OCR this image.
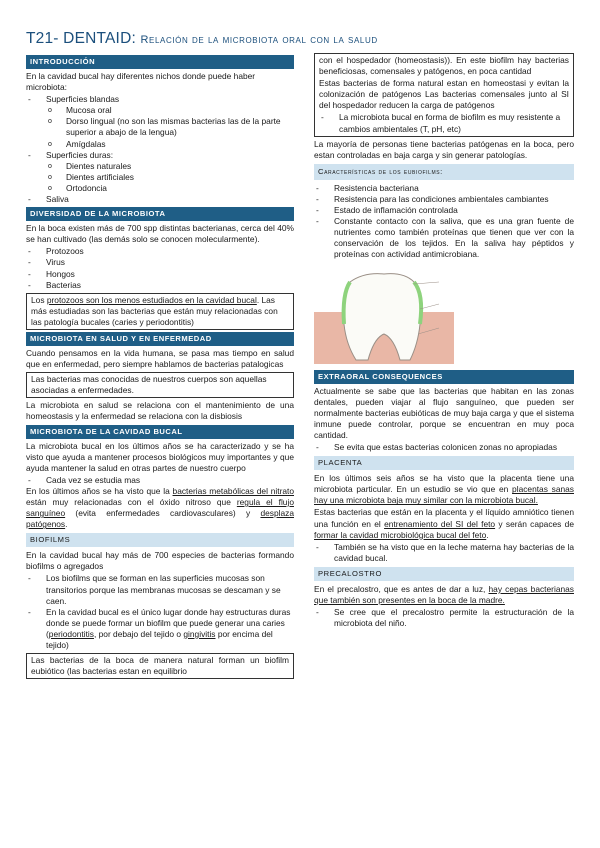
T21- DENTAID: Relación de la microbiota oral con la salud
INTRODUCCIÓN

En la cavidad bucal hay diferentes nichos donde puede haber microbiota:

- Superficies blandas
o Mucosa oral
o Dorso lingual (no son las mismas bacterias las de la parte superior a abajo de la lengua)
o Amígdalas
- Superficies duras:
o Dientes naturales
o Dientes artificiales
o Ortodoncia
- Saliva
DIVERSIDAD DE LA MICROBIOTA

En la boca existen más de 700 spp distintas bacterianas, cerca del 40% se han cultivado (las demás solo se conocen molecularmente).

- Protozoos
- Virus
- Hongos
- Bacterias
Los protozoos son los menos estudiados en la cavidad bucal. Las más estudiadas son las bacterias que están muy relacionadas con las patología bucales (caries y periodontitis)
MICROBIOTA EN SALUD Y EN ENFERMEDAD

Cuando pensamos en la vida humana, se pasa mas tiempo en salud que en enfermedad, pero siempre hablamos de bacterias patalogicas

Las bacterias mas conocidas de nuestros cuerpos son aquellas asociadas a enfermedades.

La microbiota en salud se relaciona con el mantenimiento de una homeostasis y la enfermedad se relaciona con la disbiosis

MICROBIOTA DE LA CAVIDAD BUCAL

La microbiota bucal en los últimos años se ha caracterizado y se ha visto que ayuda a mantener procesos biológicos muy importantes y que ayuda mantener la salud en otras partes de nuestro cuerpo

- Cada vez se estudia mas

En los últimos años se ha visto que la bacterias metabólicas del nitrato están muy relacionadas con el óxido nitroso que regula el flujo sanguíneo (evita enfermedades cardiovasculares) y desplaza patógenos.

BIOFILMS

En la cavidad bucal hay más de 700 especies de bacterias formando biofilms o agregados

- Los biofilms que se forman en las superficies mucosas son transitorios porque las membranas mucosas se descaman y se caen.
- En la cavidad bucal es el único lugar donde hay estructuras duras donde se puede formar un biofilm que puede generar una caries (periodontitis, por debajo del tejido o gingivitis por encima del tejido)
Las bacterias de la boca de manera natural forman un biofilm eubiótico (las bacterias estan en equilibrio

con el hospedador (homeostasis)). En este biofilm hay bacterias beneficiosas, comensales y patógenos, en poca cantidad

Estas bacterias de forma natural estan en homeostasi y evitan la colonización de patógenos Las bacterias comensales junto al SI del hospedador reducen la carga de patógenos

- La microbiota bucal en forma de biofilm es muy resistente a cambios ambientales (T, pH, etc)

La mayoría de personas tiene bacterias patógenas en la boca, pero estan controladas en baja carga y sin generar patologías.

Características de los eubiofilms:
- Resistencia bacteriana
- Resistencia para las condiciones ambientales cambiantes
- Estado de inflamación controlada
- Constante contacto con la saliva, que es una gran fuente de nutrientes como también proteínas que tienen que ver con la conservación de los tejidos. En la saliva hay péptidos y proteínas con actividad antimicrobiana.
EXTRAORAL CONSEQUENCES

Actualmente se sabe que las bacterias que habitan en las zonas dentales, pueden viajar al flujo sanguíneo, que pueden ser normalmente bacterias eubióticas de muy baja carga y que el sistema inmune puede controlar, porque se encuentran en muy poca cantidad.

- Se evita que estas bacterias colonicen zonas no apropiadas
PLACENTA

En los últimos seis años se ha visto que la placenta tiene una microbiota particular. En un estudio se vio que en placentas sanas hay una microbiota baja muy similar con la microbiota bucal.

Estas bacterias que están en la placenta y el líquido amniótico tienen una función en el entrenamiento del SI del feto y serán capaces de formar la cavidad microbiológica bucal del feto.

- También se ha visto que en la leche materna hay bacterias de la cavidad bucal.
PRECALOSTRO

En el precalostro, que es antes de dar a luz, hay cepas bacterianas que también son presentes en la boca de la madre.

- Se cree que el precalostro permite la estructuración de la microbiota del niño.
